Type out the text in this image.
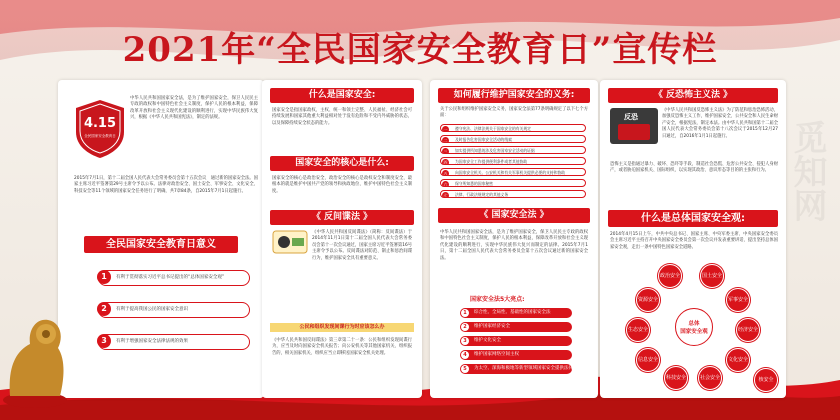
2021年“全民国家安全教育日”宣传栏
觅知网
4.15
全民国家安全教育日
中华人民共和国国家安全法，是为了维护国家安全，保卫人民民主专政的政权和中国特色社会主义制度，保护人民的根本利益，保障改革开放和社会主义现代化建设的顺利进行，实现中华民族伟大复兴，根据《中华人民共和国宪法》，制定的法规。
2015年7月1日，第十二届全国人民代表大会常务委员会第十五次会议　通过新的国家安全法。国家主席习近平签署第29号主席令予以公布。法律对政治安全、国土安全、军事安全、文化安全、科技安全等11个领域的国家安全任务进行了明确，共7章84条，自2015年7月1日起施行。
全民国家安全教育日意义
1	有利于贯彻落实习近平总书记提出的“总体国家安全观”
2	有利于提高我国公民的国家安全意识
3	有利于增强国家安全法律法规的效果
什么是国家安全:
国家安全是指国家政权、主权、统一和领土完整、人民福祉、经济社会可持续发展和国家其他重大利益相对处于没有危险和不受内外威胁的状态，以及保障持续安全状态的能力。
国家安全的核心是什么:
国家安全的核心是政治安全，政治安全的核心是政权安全和制度安全，最根本的就是维护中国共产党的领导和执政地位、维护中国特色社会主义制度。
《 反间谍法 》
《中华人民共和国反间谍法》（简称：反间谍法）于2014年11月1日第十二届全国人民代表大会常务委员会第十一次会议通过，国家主席习近平签署第16号主席令予以公布。反间谍法对防范、制止和惩治间谍行为，维护国家安全具有重要意义。
公民和组织发现间谍行为时应该怎么办
《中华人民共和国反间谍法》第三章第二十一条：公民和组织发现间谍行为，应当及时向国家安全机关报告；向公安机关等其他国家机关、组织报告的，相关国家机关、组织应当立即移送国家安全机关处理。
如何履行维护国家安全的义务:
关于公民和组织维护国家安全义务，国家安全法第77条明确规定了以下七个方面：
一	遵守宪法、法律法规关于国家安全的有关规定
二	及时报告危害国家安全活动的线索
三	如实提供所知悉的涉及危害国家安全活动的证据
四	为国家安全工作提供便利条件或者其他协助
五	向国家安全机关、公安机关和有关军事机关提供必要的支持和协助
六	保守所知悉的国家秘密
七	法律、行政法规规定的其他义务
《 国家安全法 》
中华人民共和国国家安全法，是为了维护国家安全，保卫人民民主专政的政权和中国特色社会主义制度，保护人民的根本利益，保障改革开放和社会主义现代化建设的顺利进行，实现中华民族伟大复兴而制定的法律。2015年7月1日，第十二届全国人民代表大会常务委员会第十五次会议通过新的国家安全法。
国家安全法5大亮点:
1	综合性、全局性、基础性的国家安全法
2	维护国家经济安全
3	维护文化安全
4	维护国家网络空间主权
5	为太空、深海和极地等新型领域国家安全提供法律支撑
《 反恐怖主义法 》
反恐
《中华人民共和国反恐怖主义法》为了防范和惩治恐怖活动，加强反恐怖主义工作，维护国家安全、公共安全和人民生命财产安全，根据宪法，制定本法。由中华人民共和国第十二届全国人民代表大会常务委员会第十八次会议于2015年12月27日通过，自2016年1月1日起施行。
恐怖主义是指通过暴力、破坏、恐吓等手段，制造社会恐慌、危害公共安全、侵犯人身财产，或者胁迫国家机关、国际组织，以实现其政治、意识形态等目的的主张和行为。
什么是总体国家安全观:
2014年4月15日上午，中共中央总书记、国家主席、中央军委主席、中央国家安全委员会主席习近平主持召开中央国家安全委员会第一次会议并发表重要讲话，提出坚持总体国家安全观，走出一条中国特色国家安全道路。
总体
国家安全观
政治安全	国土安全
军事安全
经济安全
文化安全
社会安全
科技安全
信息安全
生态安全
资源安全
核安全
